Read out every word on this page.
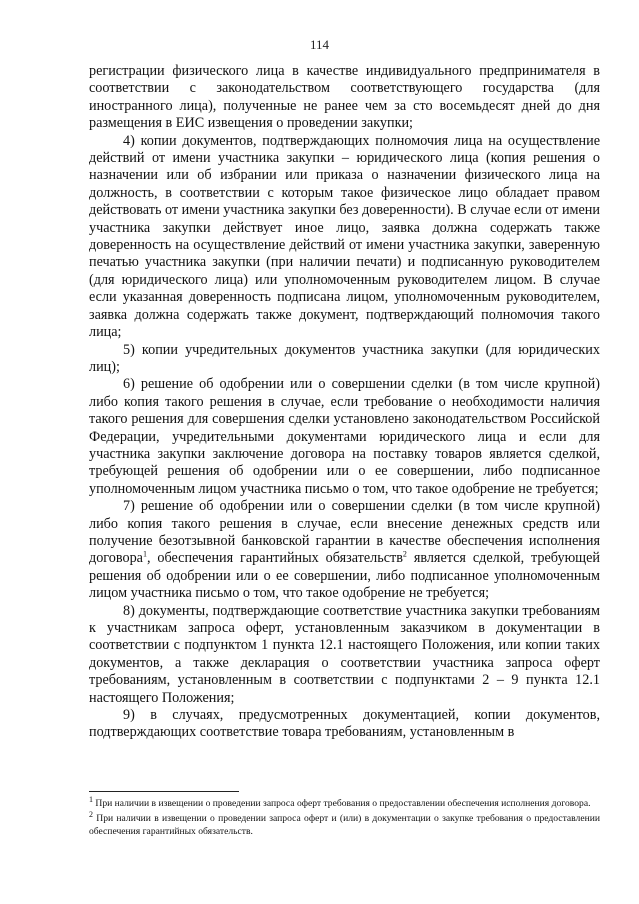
114

регистрации физического лица в качестве индивидуального предпринимателя в соответствии с законодательством соответствующего государства (для иностранного лица), полученные не ранее чем за сто восемьдесят дней до дня размещения в ЕИС извещения о проведении закупки;

4) копии документов, подтверждающих полномочия лица на осуществление действий от имени участника закупки – юридического лица (копия решения о назначении или об избрании или приказа о назначении физического лица на должность, в соответствии с которым такое физическое лицо обладает правом действовать от имени участника закупки без доверенности). В случае если от имени участника закупки действует иное лицо, заявка должна содержать также доверенность на осуществление действий от имени участника закупки, заверенную печатью участника закупки (при наличии печати) и подписанную руководителем (для юридического лица) или уполномоченным руководителем лицом. В случае если указанная доверенность подписана лицом, уполномоченным руководителем, заявка должна содержать также документ, подтверждающий полномочия такого лица;

5) копии учредительных документов участника закупки (для юридических лиц);

6) решение об одобрении или о совершении сделки (в том числе крупной) либо копия такого решения в случае, если требование о необходимости наличия такого решения для совершения сделки установлено законодательством Российской Федерации, учредительными документами юридического лица и если для участника закупки заключение договора на поставку товаров является сделкой, требующей решения об одобрении или о ее совершении, либо подписанное уполномоченным лицом участника письмо о том, что такое одобрение не требуется;

7) решение об одобрении или о совершении сделки (в том числе крупной) либо копия такого решения в случае, если внесение денежных средств или получение безотзывной банковской гарантии в качестве обеспечения исполнения договора$^1$, обеспечения гарантийных обязательств$^2$ является сделкой, требующей решения об одобрении или о ее совершении, либо подписанное уполномоченным лицом участника письмо о том, что такое одобрение не требуется;

8) документы, подтверждающие соответствие участника закупки требованиям к участникам запроса оферт, установленным заказчиком в документации в соответствии с подпунктом 1 пункта 12.1 настоящего Положения, или копии таких документов, а также декларация о соответствии участника запроса оферт требованиям, установленным в соответствии с подпунктами 2 – 9 пункта 12.1 настоящего Положения;

9) в случаях, предусмотренных документацией, копии документов, подтверждающих соответствие товара требованиям, установленным в

$^1$ При наличии в извещении о проведении запроса оферт требования о предоставлении обеспечения исполнения договора.

$^2$ При наличии в извещении о проведении запроса оферт и (или) в документации о закупке требования о предоставлении обеспечения гарантийных обязательств.
